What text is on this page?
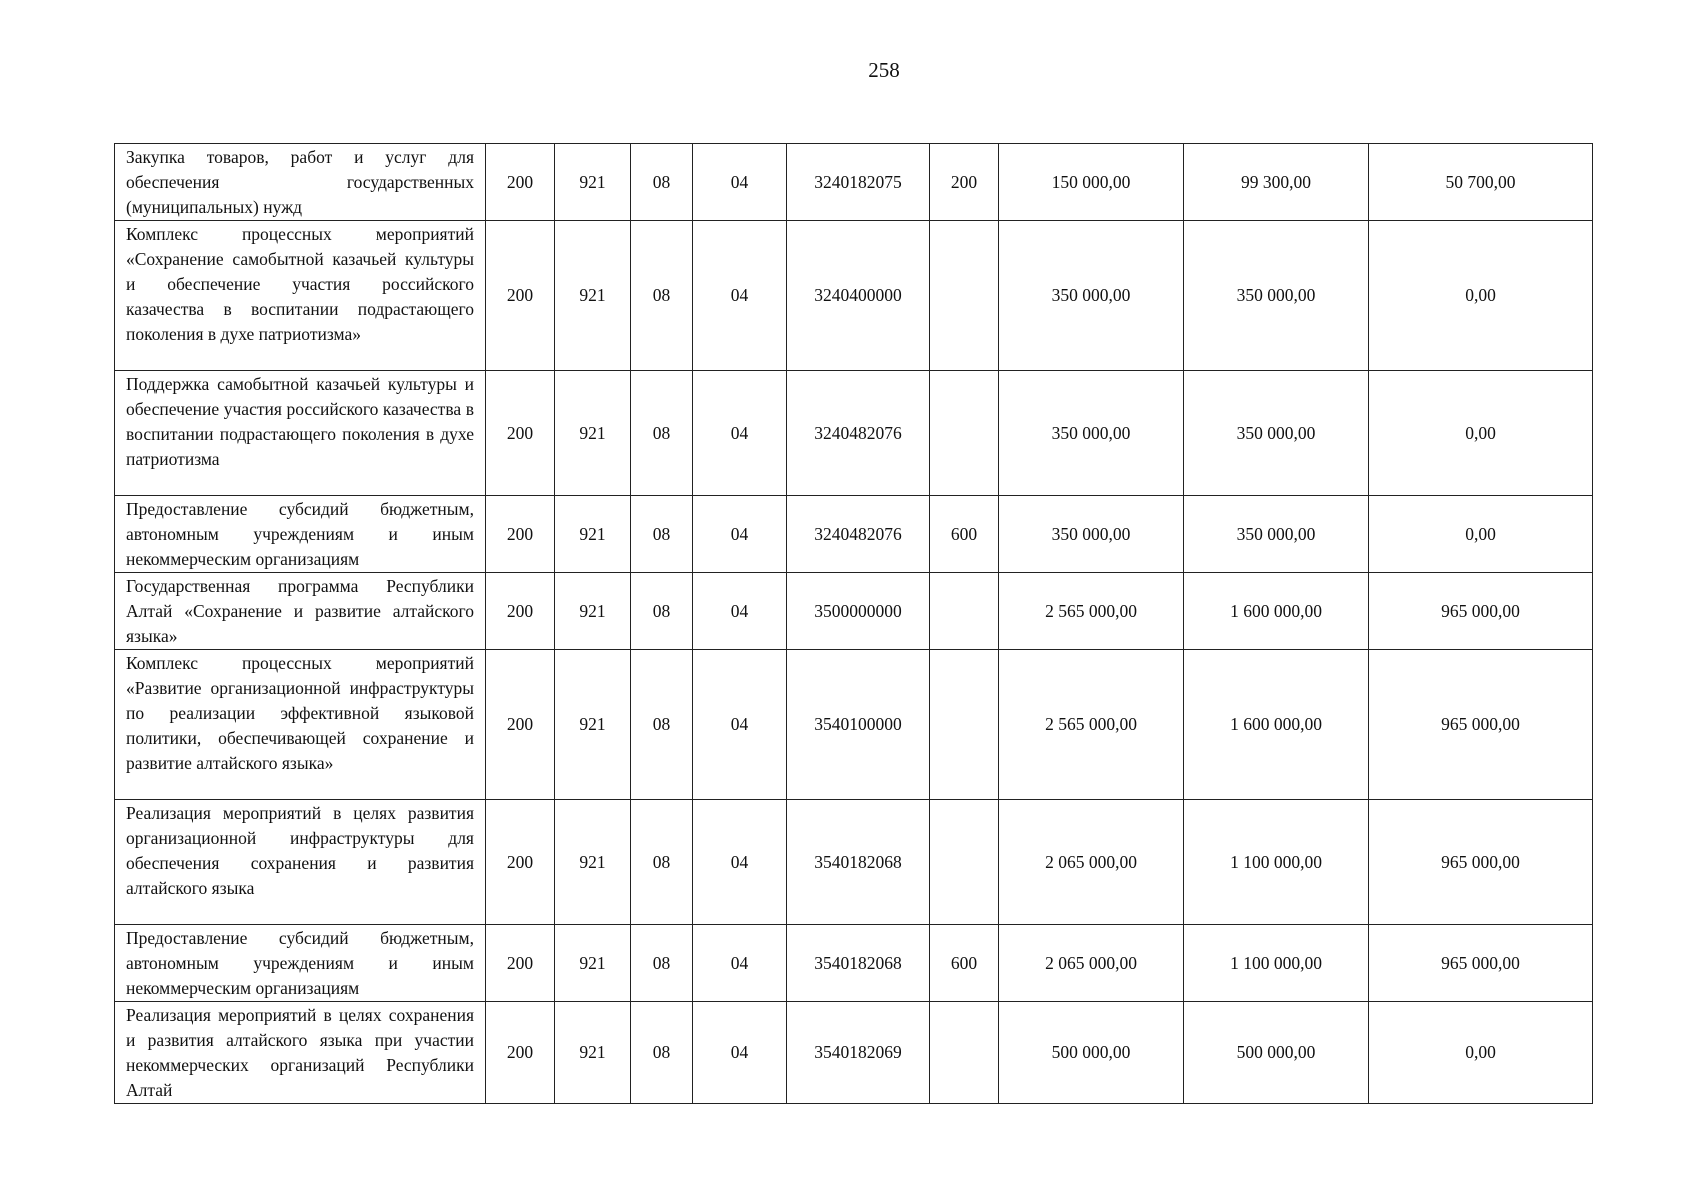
258
Закупка товаров, работ и услуг для обеспечения государственных (муниципальных) нужд	200	921	08	04	3240182075	200	150 000,00	99 300,00	50 700,00
Комплекс процессных мероприятий «Сохранение самобытной казачьей культуры и обеспечение участия российского казачества в воспитании подрастающего поколения в духе патриотизма»	200	921	08	04	3240400000		350 000,00	350 000,00	0,00
Поддержка самобытной казачьей культуры и обеспечение участия российского казачества в воспитании подрастающего поколения в духе патриотизма	200	921	08	04	3240482076		350 000,00	350 000,00	0,00
Предоставление субсидий бюджетным, автономным учреждениям и иным некоммерческим организациям	200	921	08	04	3240482076	600	350 000,00	350 000,00	0,00
Государственная программа Республики Алтай «Сохранение и развитие алтайского языка»	200	921	08	04	3500000000		2 565 000,00	1 600 000,00	965 000,00
Комплекс процессных мероприятий «Развитие организационной инфраструктуры по реализации эффективной языковой политики, обеспечивающей сохранение и развитие алтайского языка»	200	921	08	04	3540100000		2 565 000,00	1 600 000,00	965 000,00
Реализация мероприятий в целях развития организационной инфраструктуры для обеспечения сохранения и развития алтайского языка	200	921	08	04	3540182068		2 065 000,00	1 100 000,00	965 000,00
Предоставление субсидий бюджетным, автономным учреждениям и иным некоммерческим организациям	200	921	08	04	3540182068	600	2 065 000,00	1 100 000,00	965 000,00
Реализация мероприятий в целях сохранения и развития алтайского языка при участии некоммерческих организаций Республики Алтай	200	921	08	04	3540182069		500 000,00	500 000,00	0,00
